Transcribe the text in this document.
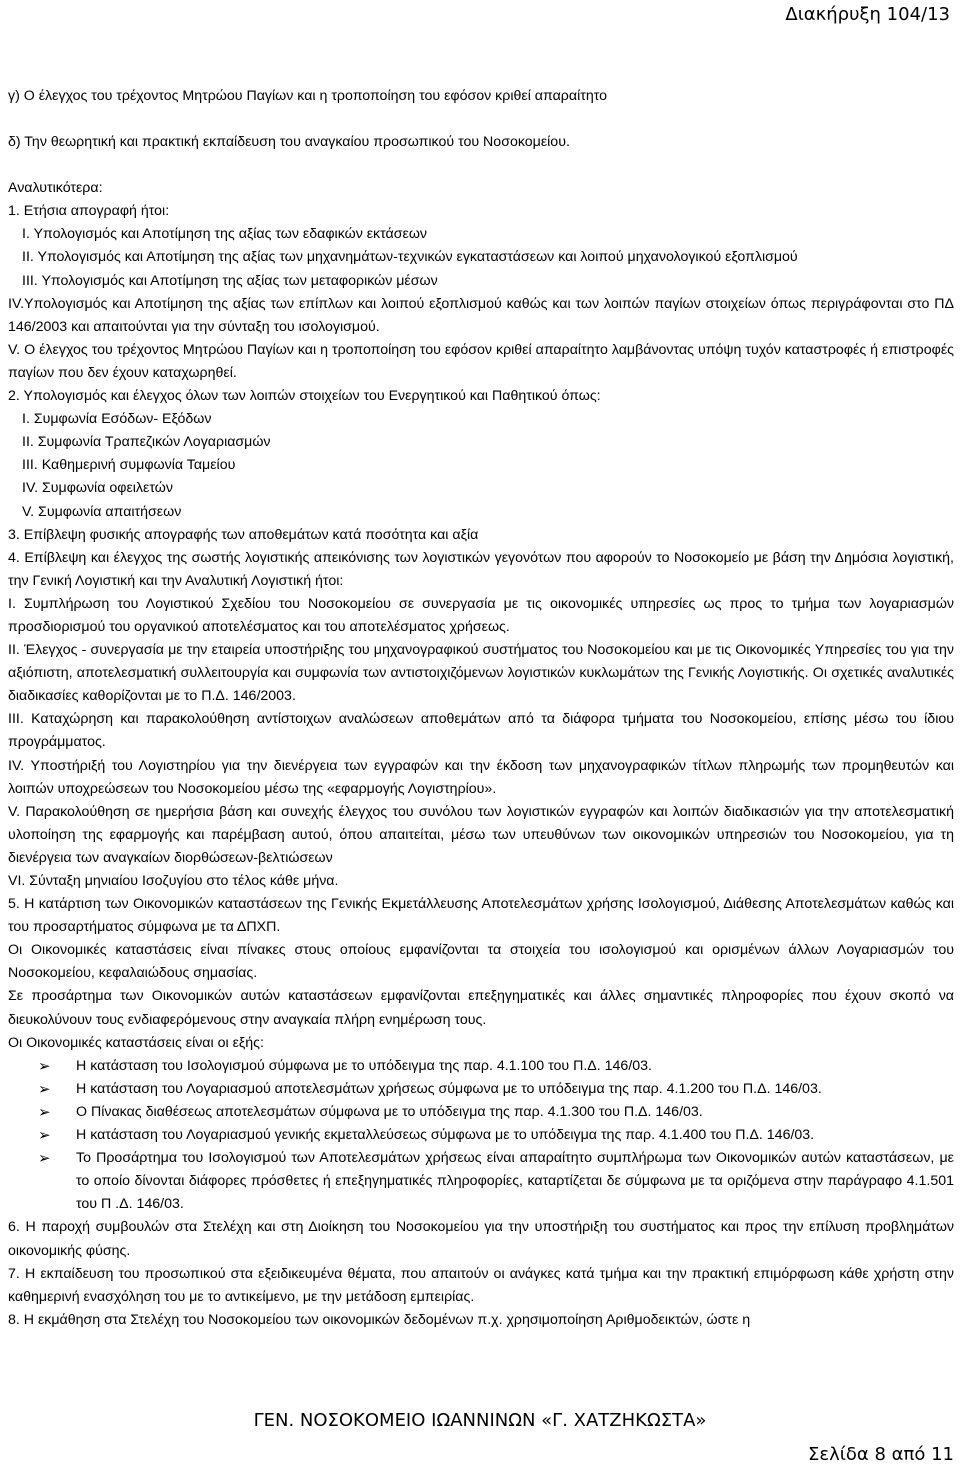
Διακήρυξη 104/13

γ) Ο έλεγχος του τρέχοντος Μητρώου Παγίων και η τροποποίηση του εφόσον κριθεί απαραίτητο

δ) Την θεωρητική και πρακτική εκπαίδευση του αναγκαίου προσωπικού του Νοσοκομείου.

Αναλυτικότερα:

1. Ετήσια απογραφή ήτοι:

Ι. Υπολογισμός και Αποτίμηση της αξίας των εδαφικών εκτάσεων

ΙΙ. Υπολογισμός και Αποτίμηση της αξίας των μηχανημάτων-τεχνικών εγκαταστάσεων και λοιπού μηχανολογικού εξοπλισμού

ΙΙΙ. Υπολογισμός και Αποτίμηση της αξίας των μεταφορικών μέσων

ΙV.Υπολογισμός και Αποτίμηση της αξίας των επίπλων και λοιπού εξοπλισμού καθώς και των λοιπών παγίων στοιχείων όπως περιγράφονται στο ΠΔ 146/2003 και απαιτούνται για την σύνταξη του ισολογισμού.

V. Ο έλεγχος του τρέχοντος Μητρώου Παγίων και η τροποποίηση του εφόσον κριθεί απαραίτητο λαμβάνοντας υπόψη τυχόν καταστροφές ή επιστροφές παγίων που δεν έχουν καταχωρηθεί.

2. Υπολογισμός και έλεγχος όλων των λοιπών στοιχείων του Ενεργητικού και Παθητικού όπως:

Ι. Συμφωνία Εσόδων- Εξόδων

ΙΙ. Συμφωνία Τραπεζικών Λογαριασμών

ΙΙΙ. Καθημερινή συμφωνία Ταμείου

ΙV. Συμφωνία οφειλετών

V. Συμφωνία απαιτήσεων

3. Επίβλεψη φυσικής απογραφής των αποθεμάτων κατά ποσότητα και αξία

4. Επίβλεψη και έλεγχος της σωστής λογιστικής απεικόνισης των λογιστικών γεγονότων που αφορούν το Νοσοκομείο με βάση την Δημόσια λογιστική, την Γενική Λογιστική και την Αναλυτική Λογιστική ήτοι:

Ι. Συμπλήρωση του Λογιστικού Σχεδίου του Νοσοκομείου σε συνεργασία με τις οικονομικές υπηρεσίες ως προς το τμήμα των λογαριασμών προσδιορισμού του οργανικού αποτελέσματος και του αποτελέσματος χρήσεως.

ΙΙ. Έλεγχος - συνεργασία με την εταιρεία υποστήριξης του μηχανογραφικού συστήματος του Νοσοκομείου και με τις Οικονομικές Υπηρεσίες του για την αξιόπιστη, αποτελεσματική συλλειτουργία και συμφωνία των αντιστοιχιζόμενων λογιστικών κυκλωμάτων της Γενικής Λογιστικής. Οι σχετικές αναλυτικές διαδικασίες καθορίζονται με το Π.Δ. 146/2003.

ΙΙΙ. Καταχώρηση και παρακολούθηση αντίστοιχων αναλώσεων αποθεμάτων από τα διάφορα τμήματα του Νοσοκομείου, επίσης μέσω του ίδιου προγράμματος.

ΙV. Υποστήριξή του Λογιστηρίου για την διενέργεια των εγγραφών και την έκδοση των μηχανογραφικών τίτλων πληρωμής των προμηθευτών και λοιπών υποχρεώσεων του Νοσοκομείου μέσω της «εφαρμογής Λογιστηρίου».

V. Παρακολούθηση σε ημερήσια βάση και συνεχής έλεγχος του συνόλου των λογιστικών εγγραφών και λοιπών διαδικασιών για την αποτελεσματική υλοποίηση της εφαρμογής και παρέμβαση αυτού, όπου απαιτείται, μέσω των υπευθύνων των οικονομικών υπηρεσιών του Νοσοκομείου, για τη διενέργεια των αναγκαίων διορθώσεων-βελτιώσεων

VΙ. Σύνταξη μηνιαίου Ισοζυγίου στο τέλος κάθε μήνα.

5. Η κατάρτιση των Οικονομικών καταστάσεων της Γενικής Εκμετάλλευσης Αποτελεσμάτων χρήσης Ισολογισμού, Διάθεσης Αποτελεσμάτων καθώς και του προσαρτήματος σύμφωνα με τα ΔΠΧΠ.

Οι Οικονομικές καταστάσεις είναι πίνακες στους οποίους εμφανίζονται τα στοιχεία του ισολογισμού και ορισμένων άλλων Λογαριασμών του Νοσοκομείου, κεφαλαιώδους σημασίας.

Σε προσάρτημα των Οικονομικών αυτών καταστάσεων εμφανίζονται επεξηγηματικές και άλλες σημαντικές πληροφορίες που έχουν σκοπό να διευκολύνουν τους ενδιαφερόμενους στην αναγκαία πλήρη ενημέρωση τους.

Οι Οικονομικές καταστάσεις είναι οι εξής:

➢ Η κατάσταση του Ισολογισμού σύμφωνα με το υπόδειγμα της παρ. 4.1.100 του Π.Δ. 146/03.
➢ Η κατάσταση του Λογαριασμού αποτελεσμάτων χρήσεως σύμφωνα με το υπόδειγμα της παρ. 4.1.200 του Π.Δ. 146/03.
➢ Ο Πίνακας διαθέσεως αποτελεσμάτων σύμφωνα με το υπόδειγμα της παρ. 4.1.300 του Π.Δ. 146/03.
➢ Η κατάσταση του Λογαριασμού γενικής εκμεταλλεύσεως σύμφωνα με το υπόδειγμα της παρ. 4.1.400 του Π.Δ. 146/03.
➢ Το Προσάρτημα του Ισολογισμού των Αποτελεσμάτων χρήσεως είναι απαραίτητο συμπλήρωμα των Οικονομικών αυτών καταστάσεων, με το οποίο δίνονται διάφορες πρόσθετες ή επεξηγηματικές πληροφορίες, καταρτίζεται δε σύμφωνα με τα οριζόμενα στην παράγραφο 4.1.501 του Π .Δ. 146/03.

6. Η παροχή συμβουλών στα Στελέχη και στη Διοίκηση του Νοσοκομείου για την υποστήριξη του συστήματος και προς την επίλυση προβλημάτων οικονομικής φύσης.

7. Η εκπαίδευση του προσωπικού στα εξειδικευμένα θέματα, που απαιτούν οι ανάγκες κατά τμήμα και την πρακτική επιμόρφωση κάθε χρήστη στην καθημερινή ενασχόληση του με το αντικείμενο, με την μετάδοση εμπειρίας.

8. Η εκμάθηση στα Στελέχη του Νοσοκομείου των οικονομικών δεδομένων π.χ. χρησιμοποίηση Αριθμοδεικτών, ώστε η

ΓΕΝ. ΝΟΣΟΚΟΜΕΙΟ ΙΩΑΝΝΙΝΩΝ «Γ. ΧΑΤΖΗΚΩΣΤΑ»
Σελίδα 8 από 11
